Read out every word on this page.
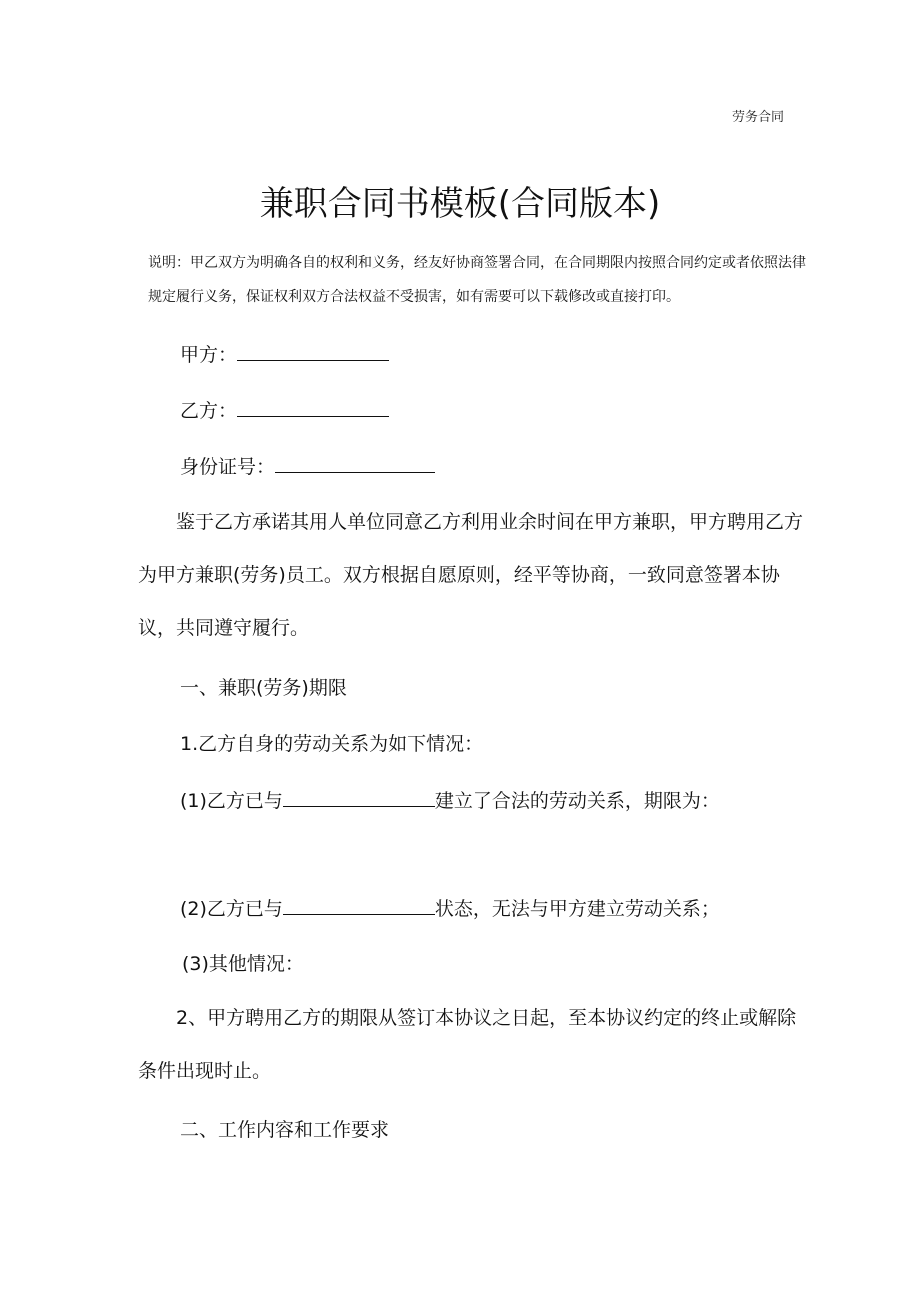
劳务合同
兼职合同书模板(合同版本)

说明：甲乙双方为明确各自的权利和义务，经友好协商签署合同，在合同期限内按照合同约定或者依照法律规定履行义务，保证权利双方合法权益不受损害，如有需要可以下载修改或直接打印。

甲方：
乙方：
身份证号：

鉴于乙方承诺其用人单位同意乙方利用业余时间在甲方兼职，甲方聘用乙方为甲方兼职(劳务)员工。双方根据自愿原则，经平等协商，一致同意签署本协议，共同遵守履行。

一、兼职(劳务)期限
1.乙方自身的劳动关系为如下情况：
(1)乙方已与	建立了合法的劳动关系，期限为：
(2)乙方已与	状态，无法与甲方建立劳动关系；
(3)其他情况：

2、甲方聘用乙方的期限从签订本协议之日起，至本协议约定的终止或解除条件出现时止。

二、工作内容和工作要求
